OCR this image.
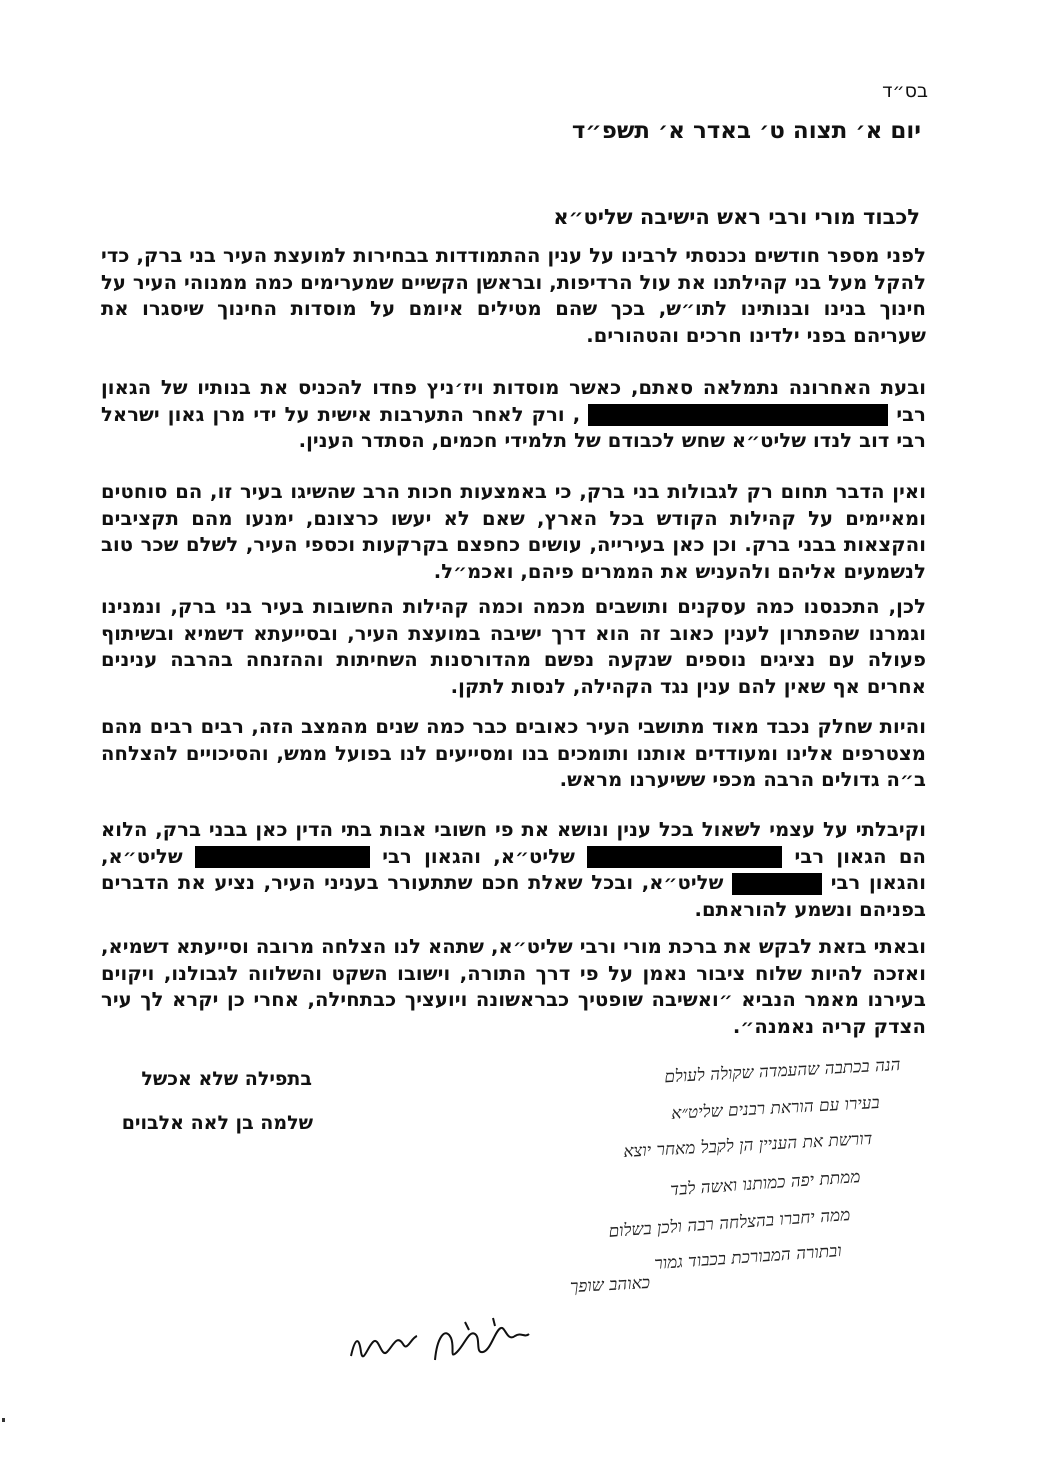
בס״ד
יום א׳ תצוה ט׳ באדר א׳ תשפ״ד
לכבוד מורי ורבי ראש הישיבה שליט״א
לפני מספר חודשים נכנסתי לרבינו על ענין ההתמודדות בבחירות למועצת העיר בני ברק, כדי להקל מעל בני קהילתנו את עול הרדיפות, ובראשן הקשיים שמערימים כמה ממנוהי העיר על חינוך בנינו ובנותינו לתו״ש, בכך שהם מטילים איומם על מוסדות החינוך שיסגרו את שעריהם בפני ילדינו חרכים והטהורים.
ובעת האחרונה נתמלאה סאתם, כאשר מוסדות ויז׳ניץ פחדו להכניס את בנותיו של הגאון רבי  , ורק לאחר התערבות אישית על ידי מרן גאון ישראל רבי דוב לנדו שליט״א שחש לכבודם של תלמידי חכמים, הסתדר הענין.
ואין הדבר תחום רק לגבולות בני ברק, כי באמצעות חכות הרב שהשיגו בעיר זו, הם סוחטים ומאיימים על קהילות הקודש בכל הארץ, שאם לא יעשו כרצונם, ימנעו מהם תקציבים והקצאות בבני ברק. וכן כאן בעירייה, עושים כחפצם בקרקעות וכספי העיר, לשלם שכר טוב לנשמעים אליהם ולהעניש את הממרים פיהם, ואכמ״ל.
לכן, התכנסנו כמה עסקנים ותושבים מכמה וכמה קהילות החשובות בעיר בני ברק, ונמנינו וגמרנו שהפתרון לענין כאוב זה הוא דרך ישיבה במועצת העיר, ובסייעתא דשמיא ובשיתוף פעולה עם נציגים נוספים שנקעה נפשם מהדורסנות השחיתות וההזנחה בהרבה ענינים אחרים אף שאין להם ענין נגד הקהילה, לנסות לתקן.
והיות שחלק נכבד מאוד מתושבי העיר כאובים כבר כמה שנים מהמצב הזה, רבים רבים מהם מצטרפים אלינו ומעודדים אותנו ותומכים בנו ומסייעים לנו בפועל ממש, והסיכויים להצלחה ב״ה גדולים הרבה מכפי ששיערנו מראש.
וקיבלתי על עצמי לשאול בכל ענין ונושא את פי חשובי אבות בתי הדין כאן בבני ברק, הלוא הם הגאון רבי  שליט״א, והגאון רבי  שליט״א, והגאון רבי  שליט״א, ובכל שאלת חכם שתתעורר בעניני העיר, נציע את הדברים בפניהם ונשמע להוראתם.
ובאתי בזאת לבקש את ברכת מורי ורבי שליט״א, שתהא לנו הצלחה מרובה וסייעתא דשמיא, ואזכה להיות שלוח ציבור נאמן על פי דרך התורה, וישובו השקט והשלווה לגבולנו, ויקוים בעירנו מאמר הנביא ״ואשיבה שופטיך כבראשונה ויועציך כבתחילה, אחרי כן יקרא לך עיר הצדק קריה נאמנה״.
בתפילה שלא אכשל
שלמה בן לאה אלבוים
הנה בכתבה שהעמדה שקולה לעולם
בעירו עם הוראת רבנים שליט״א
דורשת את העניין הן לקבל מאחר יוצא
ממתת יפה כמותנו ואשה לבד
ממה יחברו בהצלחה רבה ולכן בשלום
ובתורה המבורכת בכבוד גמור
כאוהב שופך
